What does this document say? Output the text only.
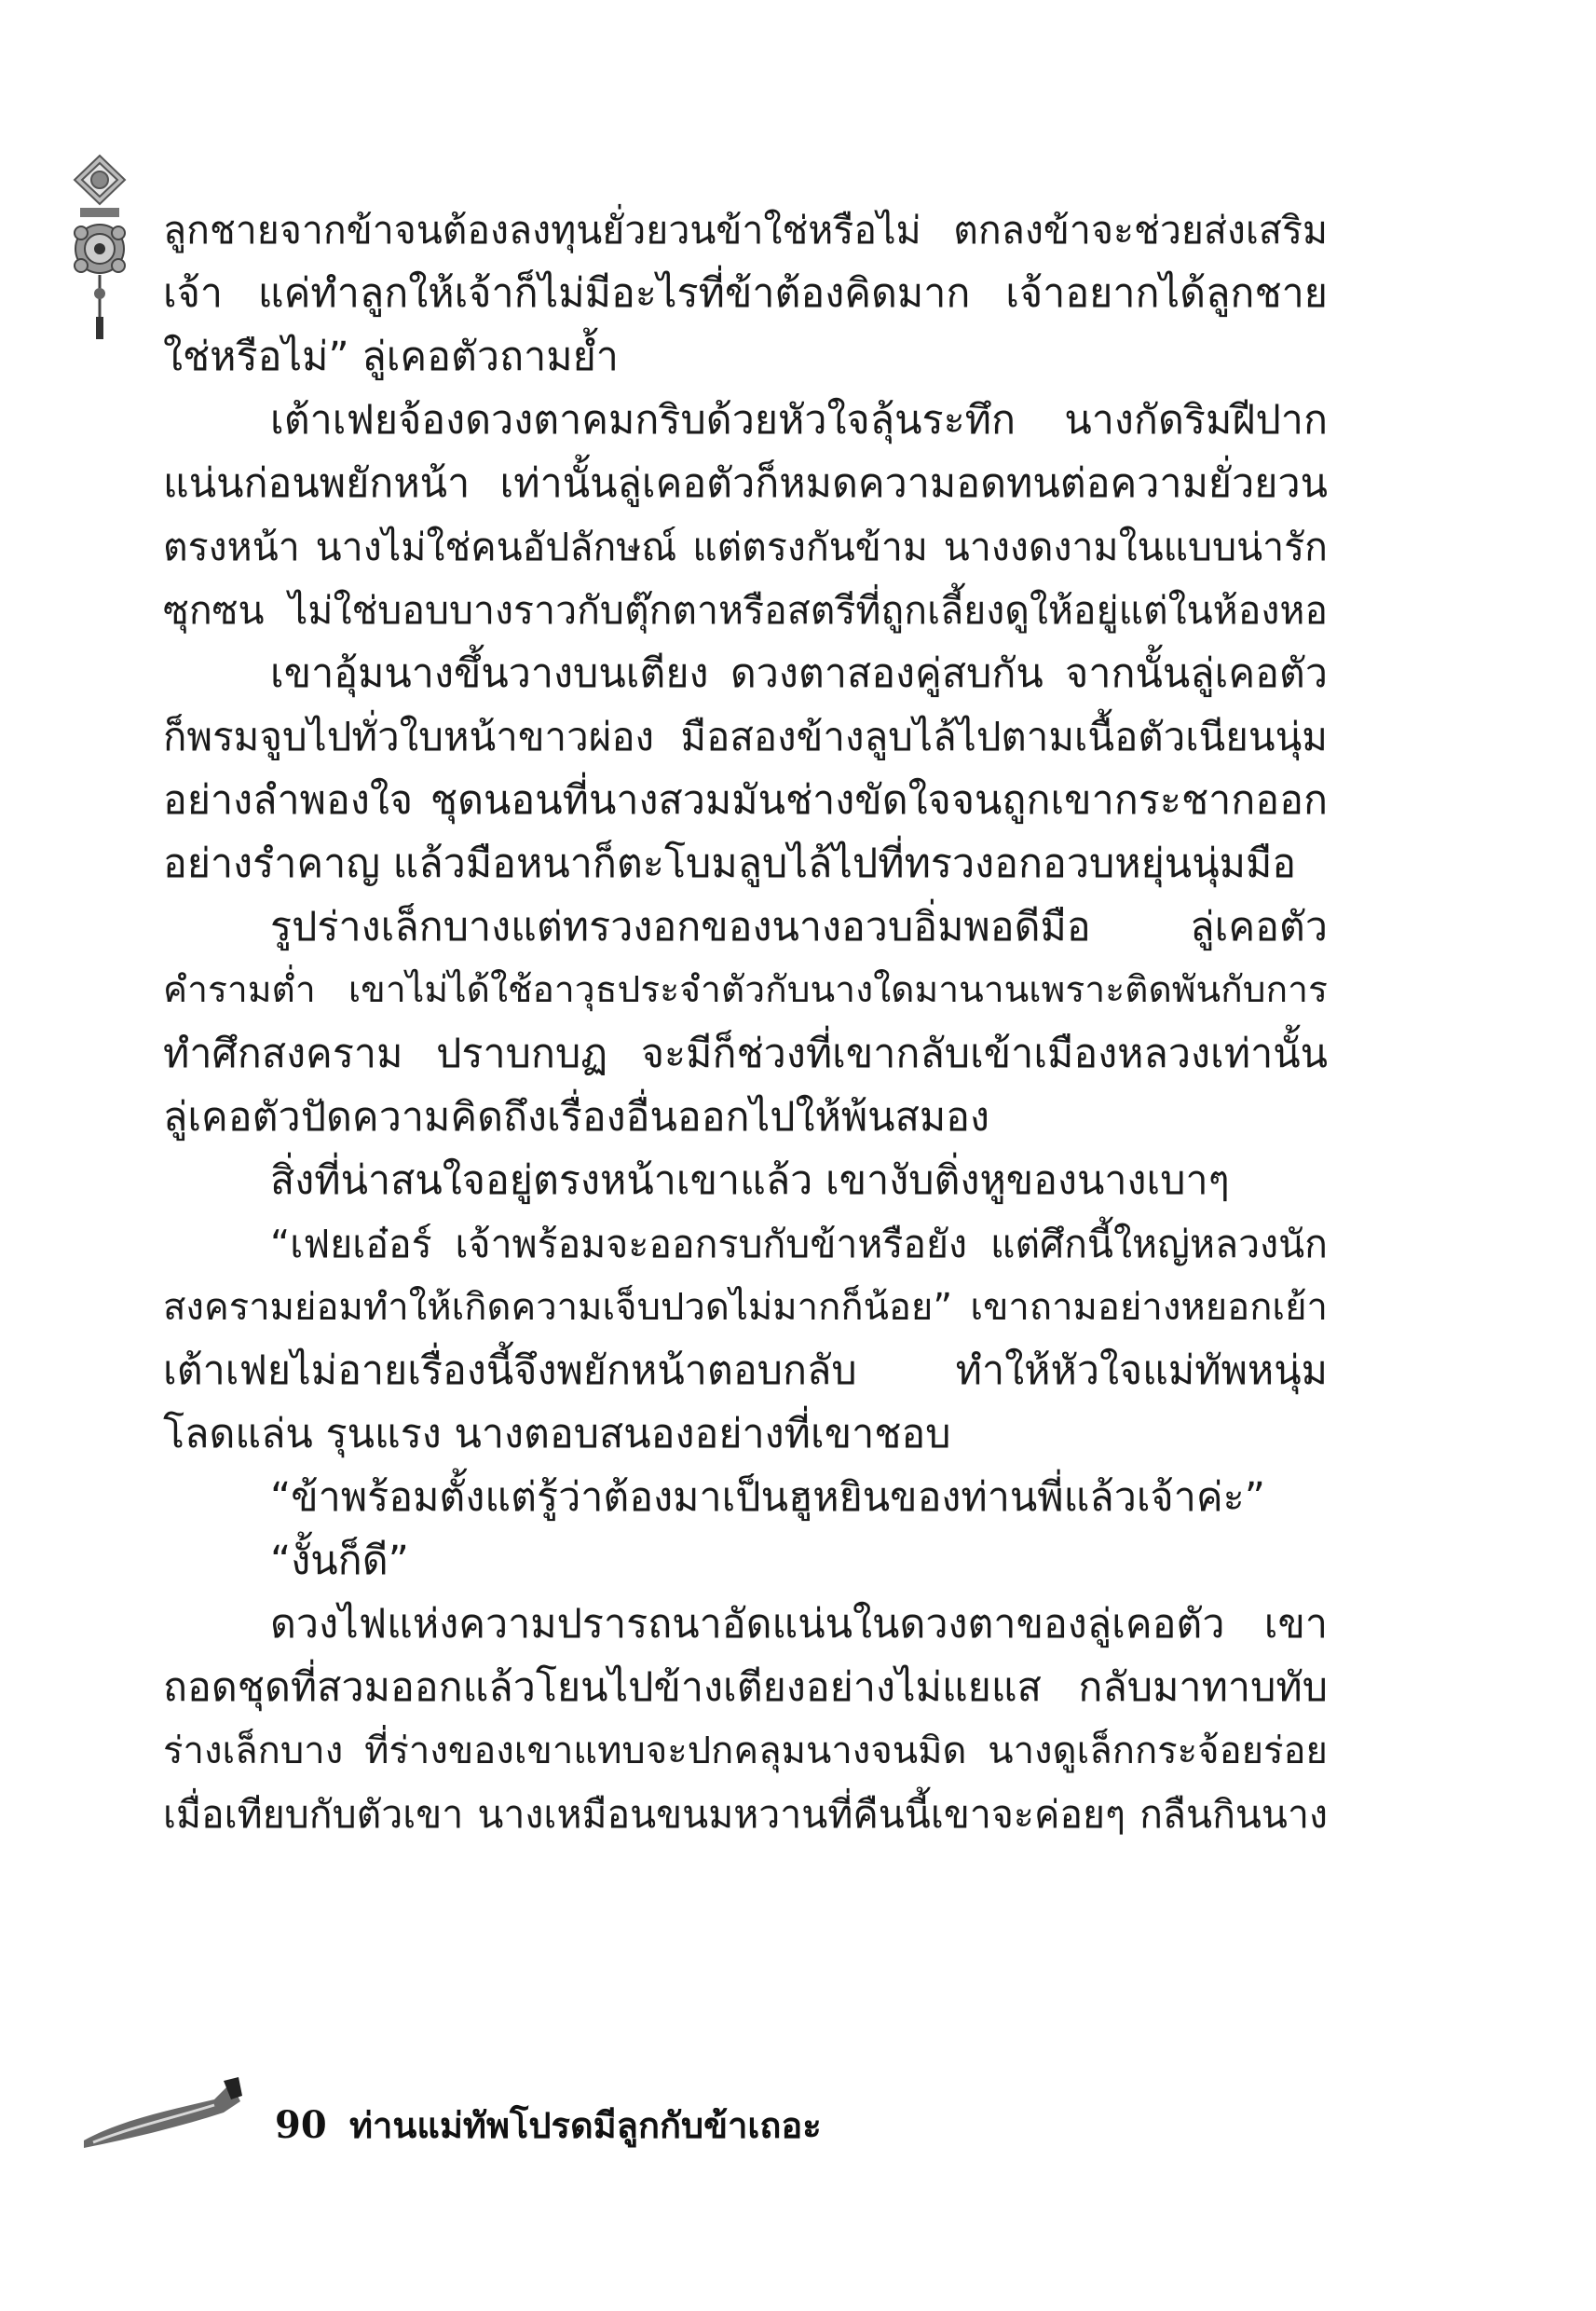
ลูกชายจากข้าจนต้องลงทุนยั่วยวนข้าใช่หรือไม่ ตกลงข้าจะช่วยส่งเสริม
เจ้า แค่ทำลูกให้เจ้าก็ไม่มีอะไรที่ข้าต้องคิดมาก เจ้าอยากได้ลูกชาย
ใช่หรือไม่” ลู่เคอตัวถามย้ำ
เต้าเฟยจ้องดวงตาคมกริบด้วยหัวใจลุ้นระทึก นางกัดริมฝีปาก
แน่นก่อนพยักหน้า เท่านั้นลู่เคอตัวก็หมดความอดทนต่อความยั่วยวน
ตรงหน้า นางไม่ใช่คนอัปลักษณ์ แต่ตรงกันข้าม นางงดงามในแบบน่ารัก
ซุกซน ไม่ใช่บอบบางราวกับตุ๊กตาหรือสตรีที่ถูกเลี้ยงดูให้อยู่แต่ในห้องหอ
เขาอุ้มนางขึ้นวางบนเตียง ดวงตาสองคู่สบกัน จากนั้นลู่เคอตัว
ก็พรมจูบไปทั่วใบหน้าขาวผ่อง มือสองข้างลูบไล้ไปตามเนื้อตัวเนียนนุ่ม
อย่างลำพองใจ ชุดนอนที่นางสวมมันช่างขัดใจจนถูกเขากระชากออก
อย่างรำคาญ แล้วมือหนาก็ตะโบมลูบไล้ไปที่ทรวงอกอวบหยุ่นนุ่มมือ
รูปร่างเล็กบางแต่ทรวงอกของนางอวบอิ่มพอดีมือ ลู่เคอตัว
คำรามต่ำ เขาไม่ได้ใช้อาวุธประจำตัวกับนางใดมานานเพราะติดพันกับการ
ทำศึกสงคราม ปราบกบฏ จะมีก็ช่วงที่เขากลับเข้าเมืองหลวงเท่านั้น
ลู่เคอตัวปัดความคิดถึงเรื่องอื่นออกไปให้พ้นสมอง
สิ่งที่น่าสนใจอยู่ตรงหน้าเขาแล้ว เขางับติ่งหูของนางเบาๆ
“เฟยเอ๋อร์ เจ้าพร้อมจะออกรบกับข้าหรือยัง แต่ศึกนี้ใหญ่หลวงนัก
สงครามย่อมทำให้เกิดความเจ็บปวดไม่มากก็น้อย” เขาถามอย่างหยอกเย้า
เต้าเฟยไม่อายเรื่องนี้จึงพยักหน้าตอบกลับ ทำให้หัวใจแม่ทัพหนุ่ม
โลดแล่น รุนแรง นางตอบสนองอย่างที่เขาชอบ
“ข้าพร้อมตั้งแต่รู้ว่าต้องมาเป็นฮูหยินของท่านพี่แล้วเจ้าค่ะ”
“งั้นก็ดี”
ดวงไฟแห่งความปรารถนาอัดแน่นในดวงตาของลู่เคอตัว เขา
ถอดชุดที่สวมออกแล้วโยนไปข้างเตียงอย่างไม่แยแส กลับมาทาบทับ
ร่างเล็กบาง ที่ร่างของเขาแทบจะปกคลุมนางจนมิด นางดูเล็กกระจ้อยร่อย
เมื่อเทียบกับตัวเขา นางเหมือนขนมหวานที่คืนนี้เขาจะค่อยๆ กลืนกินนาง
90 ท่านแม่ทัพโปรดมีลูกกับข้าเถอะ
